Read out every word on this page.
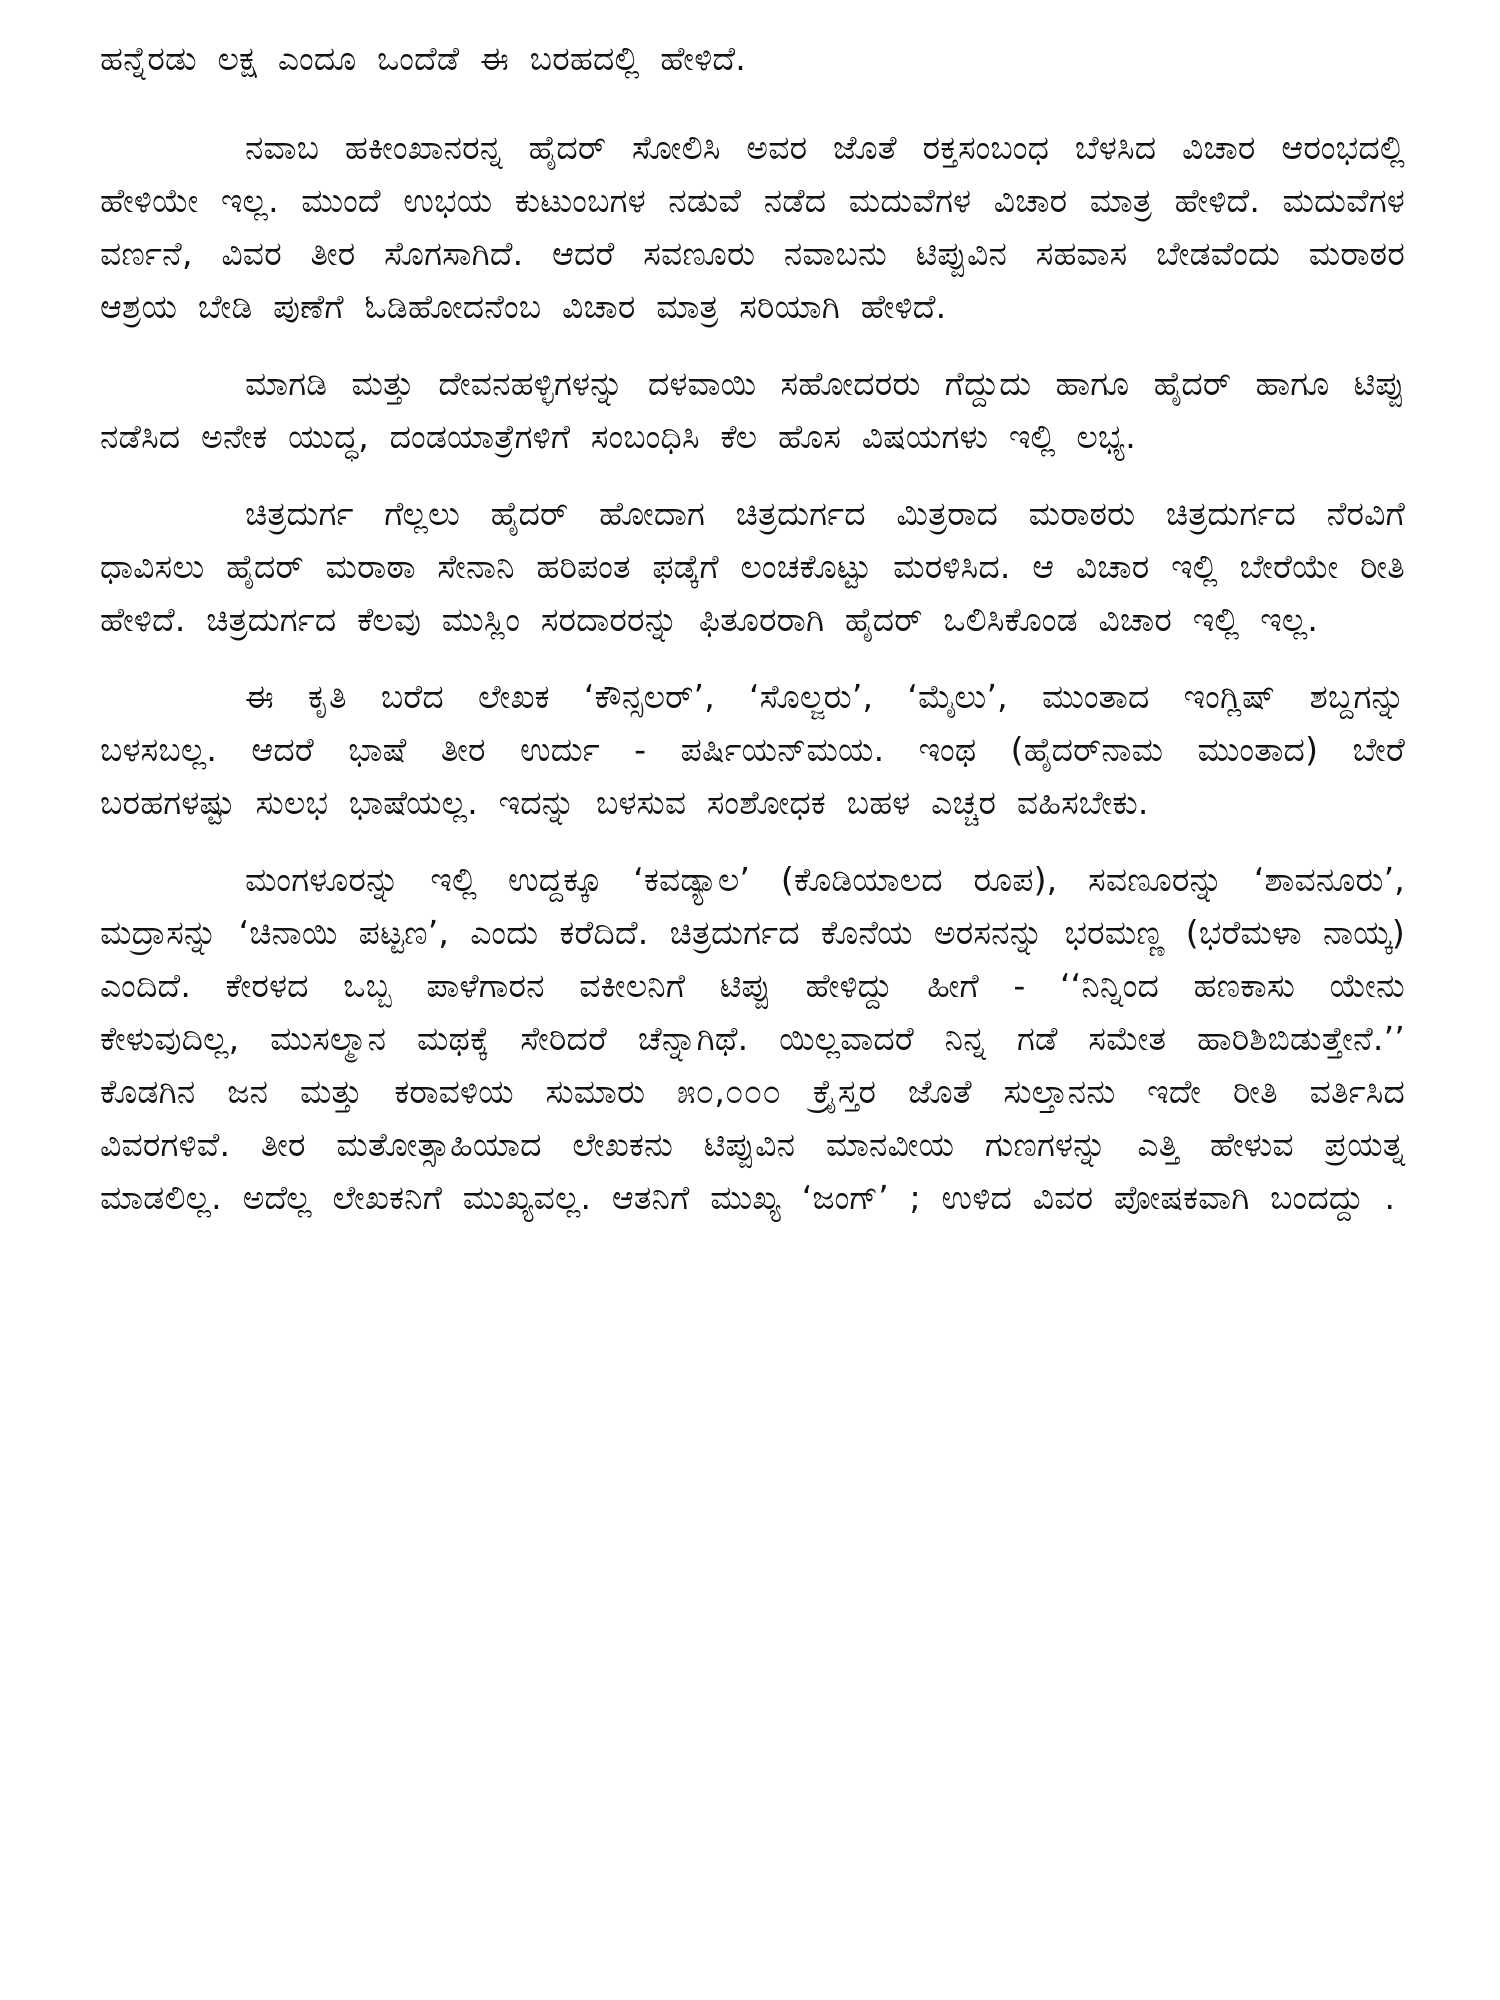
ಹನ್ನೆರಡು ಲಕ್ಷ ಎಂದೂ ಒಂದೆಡೆ ಈ ಬರಹದಲ್ಲಿ ಹೇಳಿದೆ.

ನವಾಬ ಹಕೀಂಖಾನರನ್ನ ಹೈದರ್ ಸೋಲಿಸಿ ಅವರ ಜೊತೆ ರಕ್ತಸಂಬಂಧ ಬೆಳಸಿದ ವಿಚಾರ ಆರಂಭದಲ್ಲಿ ಹೇಳಿಯೇ ಇಲ್ಲ. ಮುಂದೆ ಉಭಯ ಕುಟುಂಬಗಳ ನಡುವೆ ನಡೆದ ಮದುವೆಗಳ ವಿಚಾರ ಮಾತ್ರ ಹೇಳಿದೆ. ಮದುವೆಗಳ ವರ್ಣನೆ, ವಿವರ ತೀರ ಸೊಗಸಾಗಿದೆ. ಆದರೆ ಸವಣೂರು ನವಾಬನು ಟಿಪ್ಪುವಿನ ಸಹವಾಸ ಬೇಡವೆಂದು ಮರಾಠರ ಆಶ್ರಯ ಬೇಡಿ ಪುಣೆಗೆ ಓಡಿಹೋದನೆಂಬ ವಿಚಾರ ಮಾತ್ರ ಸರಿಯಾಗಿ ಹೇಳಿದೆ.

ಮಾಗಡಿ ಮತ್ತು ದೇವನಹಳ್ಳಿಗಳನ್ನು ದಳವಾಯಿ ಸಹೋದರರು ಗೆದ್ದುದು ಹಾಗೂ ಹೈದರ್ ಹಾಗೂ ಟಿಪ್ಪು ನಡೆಸಿದ ಅನೇಕ ಯುದ್ಧ, ದಂಡಯಾತ್ರೆಗಳಿಗೆ ಸಂಬಂಧಿಸಿ ಕೆಲ ಹೊಸ ವಿಷಯಗಳು ಇಲ್ಲಿ ಲಭ್ಯ.

ಚಿತ್ರದುರ್ಗ ಗೆಲ್ಲಲು ಹೈದರ್ ಹೋದಾಗ ಚಿತ್ರದುರ್ಗದ ಮಿತ್ರರಾದ ಮರಾಠರು ಚಿತ್ರದುರ್ಗದ ನೆರವಿಗೆ ಧಾವಿಸಲು ಹೈದರ್ ಮರಾಠಾ ಸೇನಾನಿ ಹರಿಪಂತ ಫಡ್ಕೆಗೆ ಲಂಚಕೊಟ್ಟು ಮರಳಿಸಿದ. ಆ ವಿಚಾರ ಇಲ್ಲಿ ಬೇರೆಯೇ ರೀತಿ ಹೇಳಿದೆ. ಚಿತ್ರದುರ್ಗದ ಕೆಲವು ಮುಸ್ಲಿಂ ಸರದಾರರನ್ನು ಫಿತೂರರಾಗಿ ಹೈದರ್ ಒಲಿಸಿಕೊಂಡ ವಿಚಾರ ಇಲ್ಲಿ ಇಲ್ಲ.

ಈ ಕೃತಿ ಬರೆದ ಲೇಖಕ ‘ಕೌನ್ಸಲರ್’, ‘ಸೊಲ್ಜರು’, ‘ಮೈಲು’, ಮುಂತಾದ ಇಂಗ್ಲಿಷ್ ಶಬ್ದಗನ್ನು ಬಳಸಬಲ್ಲ. ಆದರೆ ಭಾಷೆ ತೀರ ಉರ್ದು - ಪರ್ಷಿಯನ್‌ಮಯ. ಇಂಥ (ಹೈದರ್‌ನಾಮ ಮುಂತಾದ) ಬೇರೆ ಬರಹಗಳಷ್ಟು ಸುಲಭ ಭಾಷೆಯಲ್ಲ. ಇದನ್ನು ಬಳಸುವ ಸಂಶೋಧಕ ಬಹಳ ಎಚ್ಚರ ವಹಿಸಬೇಕು.

ಮಂಗಳೂರನ್ನು ಇಲ್ಲಿ ಉದ್ದಕ್ಕೂ ‘ಕವಡ್ಯಾಲ’ (ಕೊಡಿಯಾಲದ ರೂಪ), ಸವಣೂರನ್ನು ‘ಶಾವನೂರು’, ಮದ್ರಾಸನ್ನು ‘ಚಿನಾಯಿ ಪಟ್ಟಣ’, ಎಂದು ಕರೆದಿದೆ. ಚಿತ್ರದುರ್ಗದ ಕೊನೆಯ ಅರಸನನ್ನು ಭರಮಣ್ಣ (ಭರೆಮಳಾ ನಾಯ್ಕ) ಎಂದಿದೆ. ಕೇರಳದ ಒಬ್ಬ ಪಾಳೆಗಾರನ ವಕೀಲನಿಗೆ ಟಿಪ್ಪು ಹೇಳಿದ್ದು ಹೀಗೆ - ‘‘ನಿನ್ನಿಂದ ಹಣಕಾಸು ಯೇನು ಕೇಳುವುದಿಲ್ಲ, ಮುಸಲ್ಮಾನ ಮಥಕ್ಕೆ ಸೇರಿದರೆ ಚೆನ್ನಾಗಿಥೆ. ಯಿಲ್ಲವಾದರೆ ನಿನ್ನ ಗಡೆ ಸಮೇತ ಹಾರಿಶಿಬಿಡುತ್ತೇನೆ.’’ ಕೊಡಗಿನ ಜನ ಮತ್ತು ಕರಾವಳಿಯ ಸುಮಾರು ೫೦,೦೦೦ ಕ್ರೈಸ್ತರ ಜೊತೆ ಸುಲ್ತಾನನು ಇದೇ ರೀತಿ ವರ್ತಿಸಿದ ವಿವರಗಳಿವೆ. ತೀರ ಮತೋತ್ಸಾಹಿಯಾದ ಲೇಖಕನು ಟಿಪ್ಪುವಿನ ಮಾನವೀಯ ಗುಣಗಳನ್ನು ಎತ್ತಿ ಹೇಳುವ ಪ್ರಯತ್ನ ಮಾಡಲಿಲ್ಲ. ಅದೆಲ್ಲ ಲೇಖಕನಿಗೆ ಮುಖ್ಯವಲ್ಲ. ಆತನಿಗೆ ಮುಖ್ಯ ‘ಜಂಗ್’ ; ಉಳಿದ ವಿವರ ಪೋಷಕವಾಗಿ ಬಂದದ್ದು .
